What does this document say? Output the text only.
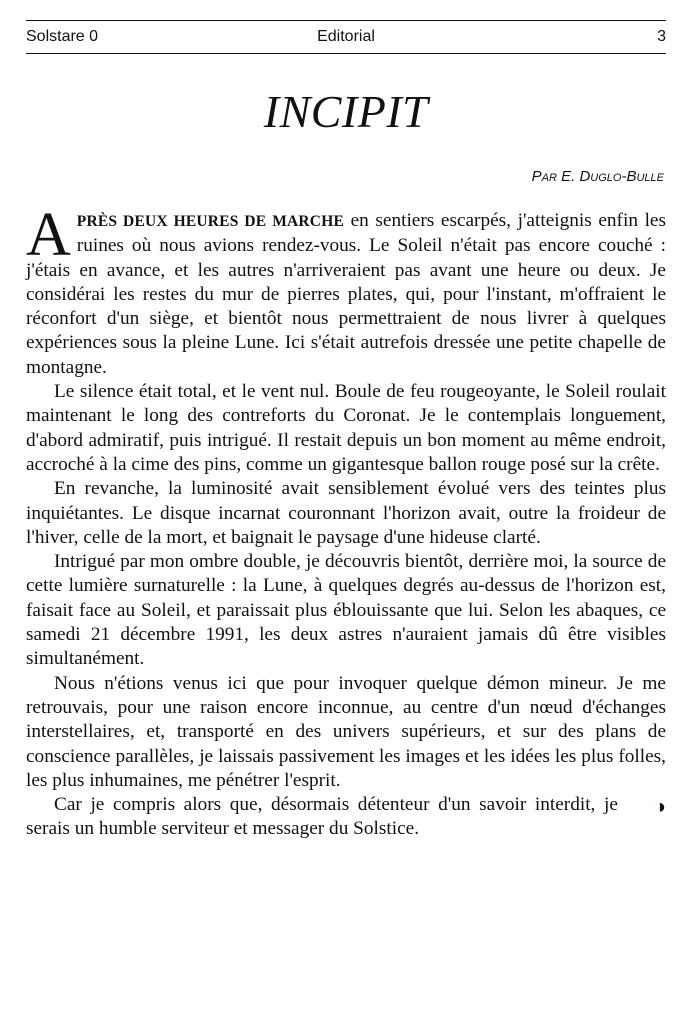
Editorial
Solstare 0	3
INCIPIT
Par E. Duglo-Bulle

APRÈS DEUX HEURES DE MARCHE en sentiers escarpés, j'atteignis enfin les ruines où nous avions rendez-vous. Le Soleil n'était pas encore couché : j'étais en avance, et les autres n'arriveraient pas avant une heure ou deux. Je considérai les restes du mur de pierres plates, qui, pour l'instant, m'offraient le réconfort d'un siège, et bientôt nous permettraient de nous livrer à quelques expériences sous la pleine Lune. Ici s'était autrefois dressée une petite chapelle de montagne.

Le silence était total, et le vent nul. Boule de feu rougeoyante, le Soleil roulait maintenant le long des contreforts du Coronat. Je le contemplais longuement, d'abord admiratif, puis intrigué. Il restait depuis un bon moment au même endroit, accroché à la cime des pins, comme un gigantesque ballon rouge posé sur la crête.

En revanche, la luminosité avait sensiblement évolué vers des teintes plus inquiétantes. Le disque incarnat couronnant l'horizon avait, outre la froideur de l'hiver, celle de la mort, et baignait le paysage d'une hideuse clarté.

Intrigué par mon ombre double, je découvris bientôt, derrière moi, la source de cette lumière surnaturelle : la Lune, à quelques degrés au-dessus de l'horizon est, faisait face au Soleil, et paraissait plus éblouissante que lui. Selon les abaques, ce samedi 21 décembre 1991, les deux astres n'auraient jamais dû être visibles simultanément.

Nous n'étions venus ici que pour invoquer quelque démon mineur. Je me retrouvais, pour une raison encore inconnue, au centre d'un nœud d'échanges interstellaires, et, transporté en des univers supérieurs, et sur des plans de conscience parallèles, je laissais passivement les images et les idées les plus folles, les plus inhumaines, me pénétrer l'esprit.

◑
Car je compris alors que, désormais détenteur d'un savoir interdit, je serais un humble serviteur et messager du Solstice.
